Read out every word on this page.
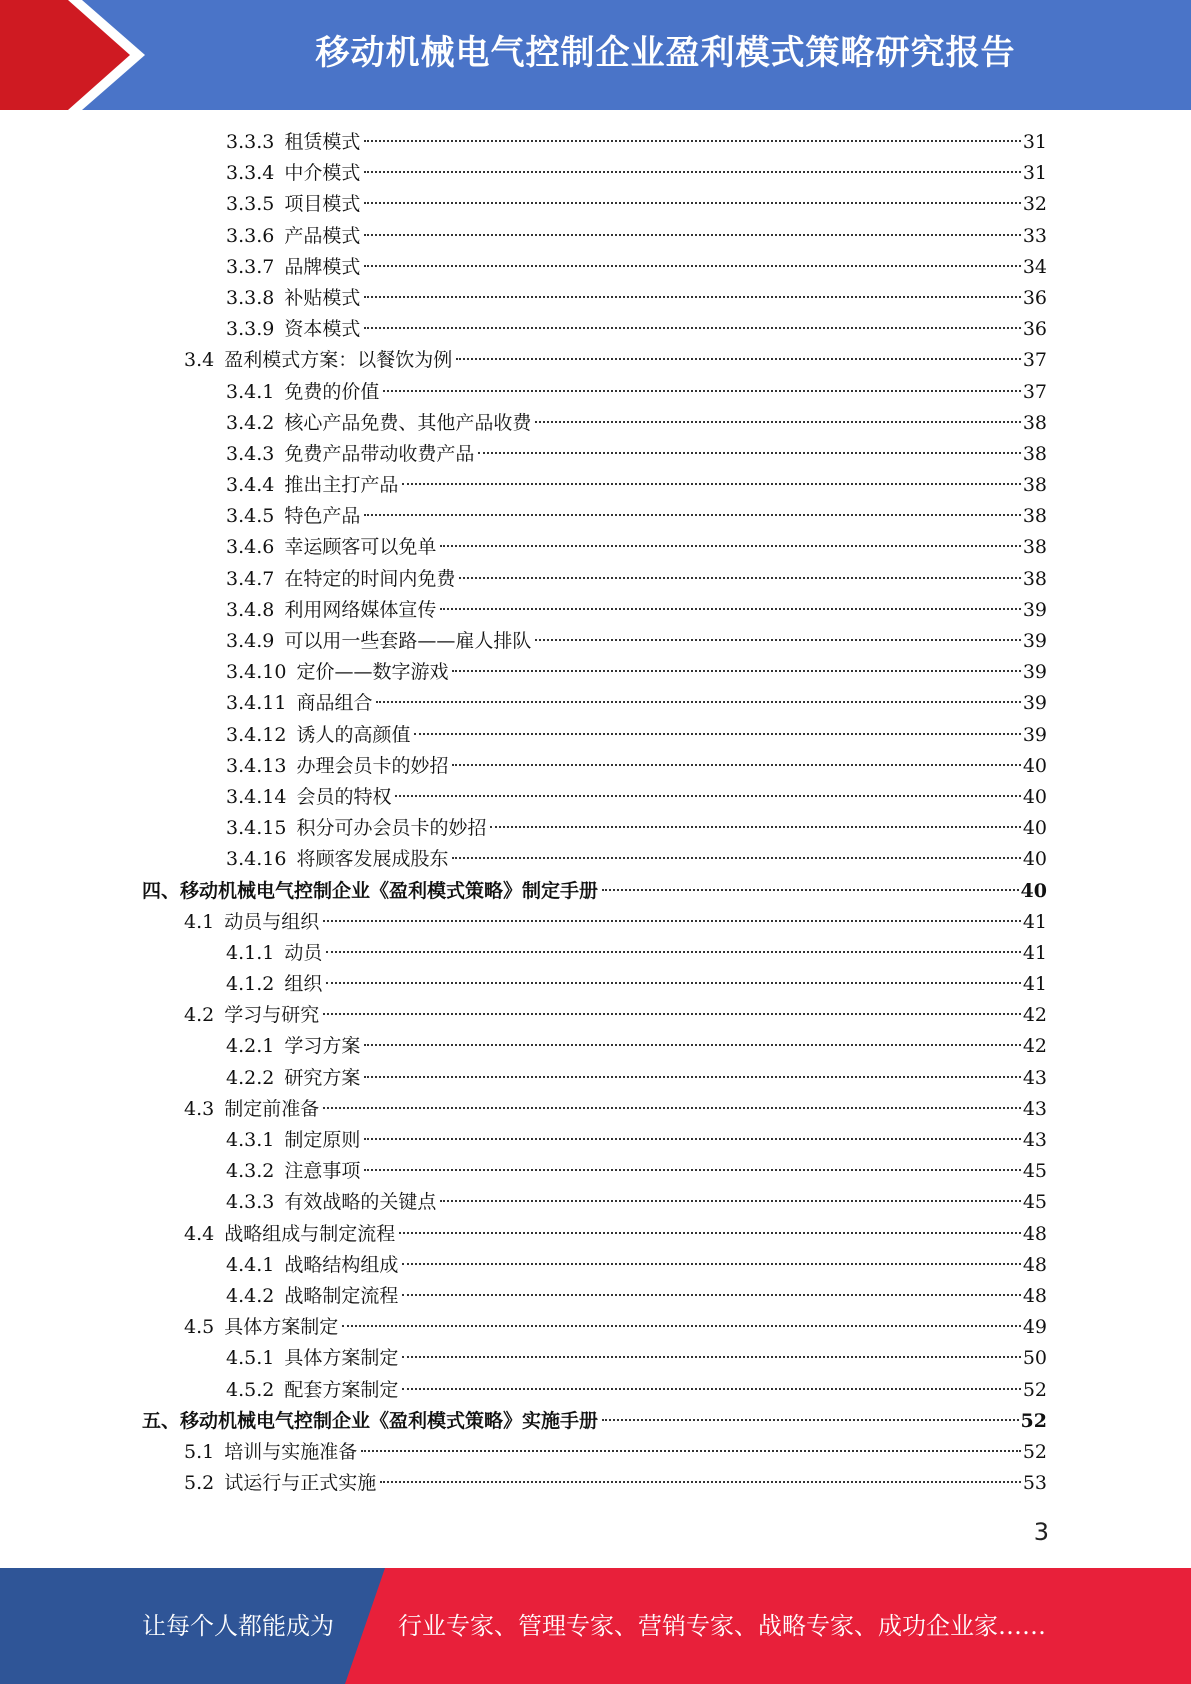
移动机械电气控制企业盈利模式策略研究报告
3.3.3 租赁模式	31
3.3.4 中介模式	31
3.3.5 项目模式	32
3.3.6 产品模式	33
3.3.7 品牌模式	34
3.3.8 补贴模式	36
3.3.9 资本模式	36
3.4 盈利模式方案：以餐饮为例	37
3.4.1 免费的价值	37
3.4.2 核心产品免费、其他产品收费	38
3.4.3 免费产品带动收费产品	38
3.4.4 推出主打产品	38
3.4.5 特色产品	38
3.4.6 幸运顾客可以免单	38
3.4.7 在特定的时间内免费	38
3.4.8 利用网络媒体宣传	39
3.4.9 可以用一些套路——雇人排队	39
3.4.10 定价——数字游戏	39
3.4.11 商品组合	39
3.4.12 诱人的高颜值	39
3.4.13 办理会员卡的妙招	40
3.4.14 会员的特权	40
3.4.15 积分可办会员卡的妙招	40
3.4.16 将顾客发展成股东	40
四、移动机械电气控制企业《盈利模式策略》制定手册	40
4.1 动员与组织	41
4.1.1 动员	41
4.1.2 组织	41
4.2 学习与研究	42
4.2.1 学习方案	42
4.2.2 研究方案	43
4.3 制定前准备	43
4.3.1 制定原则	43
4.3.2 注意事项	45
4.3.3 有效战略的关键点	45
4.4 战略组成与制定流程	48
4.4.1 战略结构组成	48
4.4.2 战略制定流程	48
4.5 具体方案制定	49
4.5.1 具体方案制定	50
4.5.2 配套方案制定	52
五、移动机械电气控制企业《盈利模式策略》实施手册	52
5.1 培训与实施准备	52
5.2 试运行与正式实施	53
3
让每个人都能成为	行业专家、管理专家、营销专家、战略专家、成功企业家……
